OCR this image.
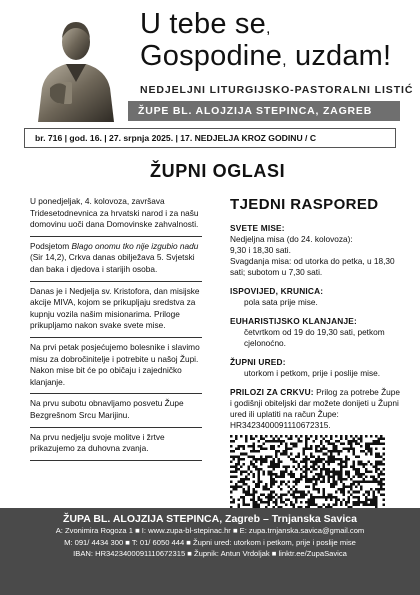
U tebe se,
Gospodine, uzdam!
NEDJELJNI LITURGIJSKO-PASTORALNI LISTIĆ
ŽUPE BL. ALOJZIJA STEPINCA, ZAGREB
br. 716 | god. 16. | 27. srpnja 2025. | 17. NEDJELJA KROZ GODINU / C
ŽUPNI OGLASI

U ponedjeljak, 4. kolovoza, završava Tridesetodnevnica za hrvatski narod i za našu domovinu uoči dana Domovinske zahvalnosti.

Podsjetom Blago onomu tko nije izgubio nadu (Sir 14,2), Crkva danas obilježava 5. Svjetski dan baka i djedova i starijih osoba.

Danas je i Nedjelja sv. Kristofora, dan misijske akcije MIVA, kojom se prikupljaju sredstva za kupnju vozila našim misionarima. Priloge prikupljamo nakon svake svete mise.

Na prvi petak posjećujemo bolesnike i slavimo misu za dobročinitelje i potrebite u našoj Župi. Nakon mise bit će po običaju i zajedničko klanjanje.

Na prvu subotu obnavljamo posvetu Župe Bezgrešnom Srcu Marijinu.

Na prvu nedjelju svoje molitve i žrtve prikazujemo za duhovna zvanja.

TJEDNI RASPORED
SVETE MISE:
Nedjeljna misa (do 24. kolovoza):
9,30 i 18,30 sati.
Svagdanja misa: od utorka do petka, u 18,30 sati; subotom u 7,30 sati.
ISPOVIJED, KRUNICA:
pola sata prije mise.
EUHARISTIJSKO KLANJANJE:
četvrtkom od 19 do 19,30 sati, petkom cjelonoćno.
ŽUPNI URED:
utorkom i petkom, prije i poslije mise.
PRILOZI ZA CRKVU: Prilog za potrebe Župe i godišnji obiteljski dar možete donijeti u Župni ured ili uplatiti na račun Župe: HR3423400091110672315.
ŽUPA BL. ALOJZIJA STEPINCA, Zagreb – Trnjanska Savica
A: Zvonimira Rogoza 1 ■ I: www.zupa-bl-stepinac.hr ■ E: zupa.trnjanska.savica@gmail.com
M: 091/ 4434 300 ■ T: 01/ 6050 444 ■ Župni ured: utorkom i petkom, prije i poslije mise
IBAN: HR3423400091110672315 ■ Župnik: Antun Vrdoljak ■ linktr.ee/ZupaSavica
